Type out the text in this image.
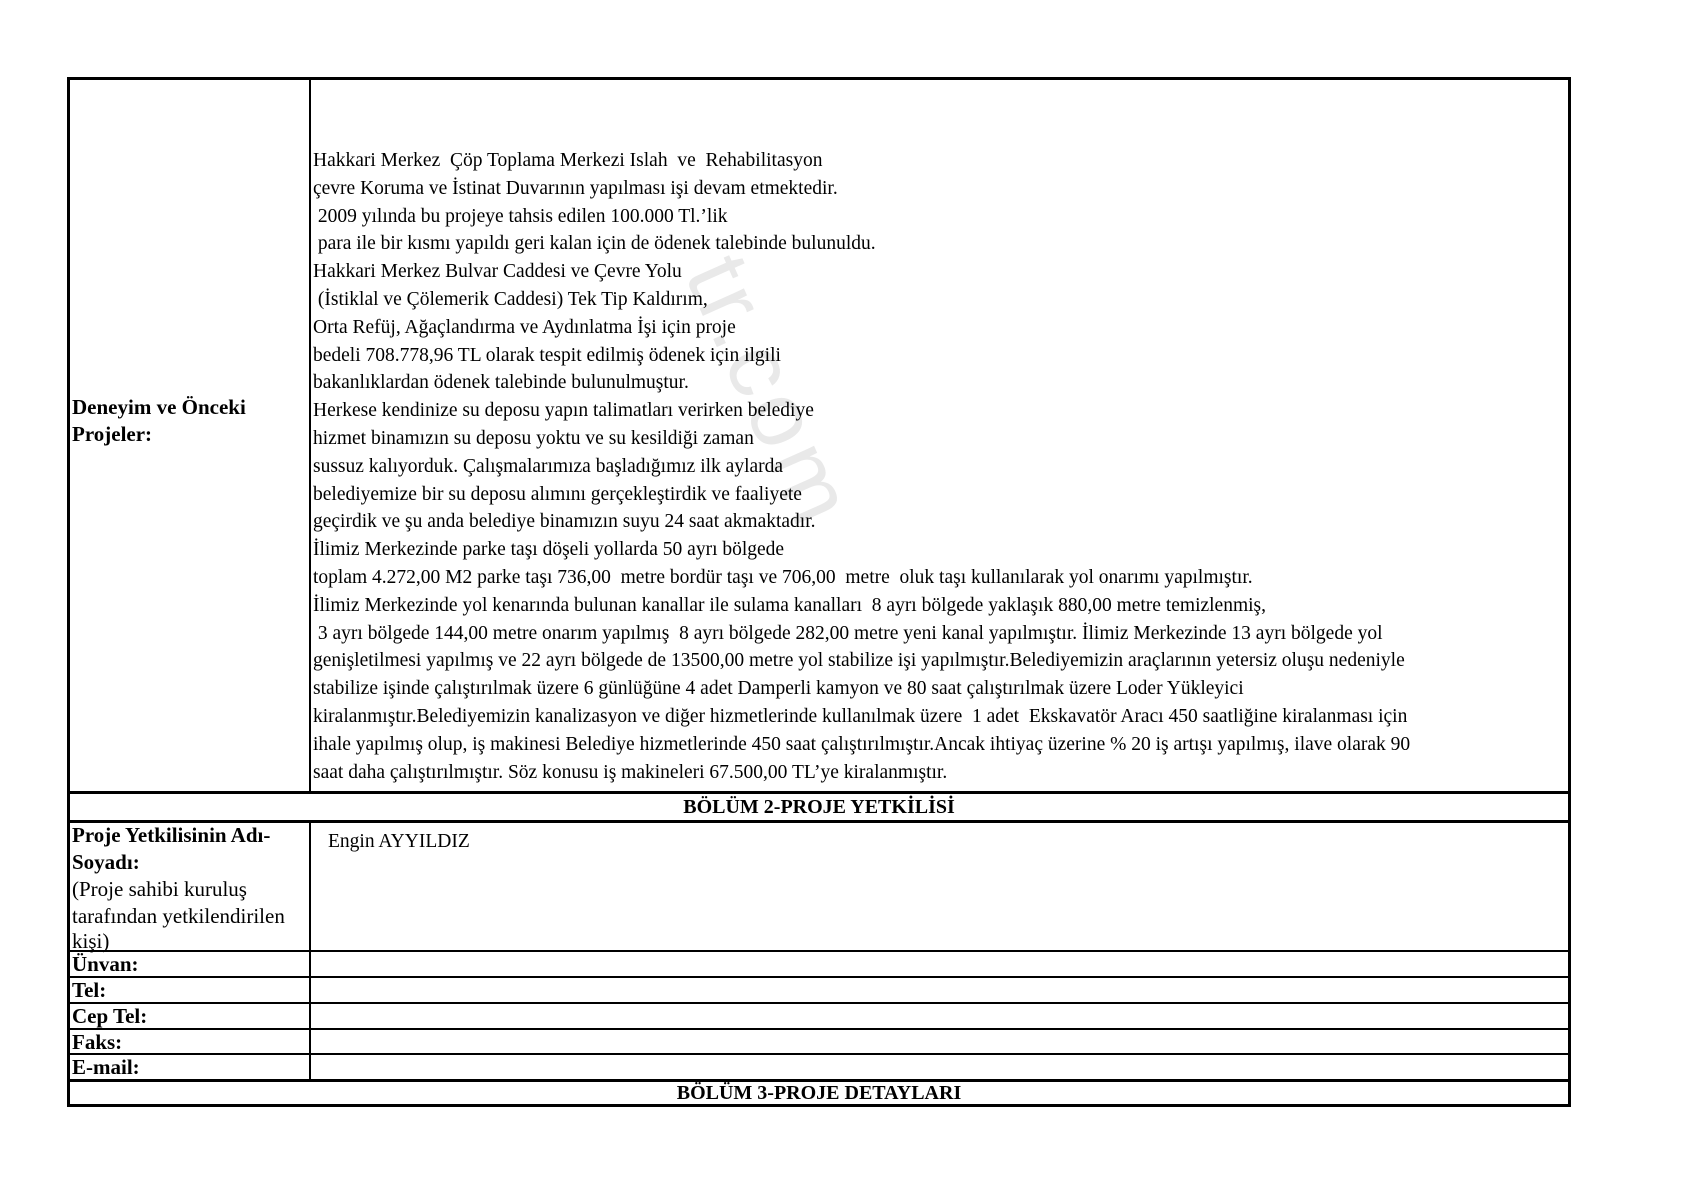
tr.com
Deneyim ve Önceki
Projeler:
Hakkari Merkez  Çöp Toplama Merkezi Islah  ve  Rehabilitasyon
çevre Koruma ve İstinat Duvarının yapılması işi devam etmektedir.
2009 yılında bu projeye tahsis edilen 100.000 Tl.’lik
para ile bir kısmı yapıldı geri kalan için de ödenek talebinde bulunuldu.
Hakkari Merkez Bulvar Caddesi ve Çevre Yolu
(İstiklal ve Çölemerik Caddesi) Tek Tip Kaldırım,
Orta Refüj, Ağaçlandırma ve Aydınlatma İşi için proje
bedeli 708.778,96 TL olarak tespit edilmiş ödenek için ilgili
bakanlıklardan ödenek talebinde bulunulmuştur.
Herkese kendinize su deposu yapın talimatları verirken belediye
hizmet binamızın su deposu yoktu ve su kesildiği zaman
sussuz kalıyorduk. Çalışmalarımıza başladığımız ilk aylarda
belediyemize bir su deposu alımını gerçekleştirdik ve faaliyete
geçirdik ve şu anda belediye binamızın suyu 24 saat akmaktadır.
İlimiz Merkezinde parke taşı döşeli yollarda 50 ayrı bölgede
toplam 4.272,00 M2 parke taşı 736,00  metre bordür taşı ve 706,00  metre  oluk taşı kullanılarak yol onarımı yapılmıştır.
İlimiz Merkezinde yol kenarında bulunan kanallar ile sulama kanalları  8 ayrı bölgede yaklaşık 880,00 metre temizlenmiş,
3 ayrı bölgede 144,00 metre onarım yapılmış  8 ayrı bölgede 282,00 metre yeni kanal yapılmıştır. İlimiz Merkezinde 13 ayrı bölgede yol
genişletilmesi yapılmış ve 22 ayrı bölgede de 13500,00 metre yol stabilize işi yapılmıştır.Belediyemizin araçlarının yetersiz oluşu nedeniyle
stabilize işinde çalıştırılmak üzere 6 günlüğüne 4 adet Damperli kamyon ve 80 saat çalıştırılmak üzere Loder Yükleyici
kiralanmıştır.Belediyemizin kanalizasyon ve diğer hizmetlerinde kullanılmak üzere  1 adet  Ekskavatör Aracı 450 saatliğine kiralanması için
ihale yapılmış olup, iş makinesi Belediye hizmetlerinde 450 saat çalıştırılmıştır.Ancak ihtiyaç üzerine % 20 iş artışı yapılmış, ilave olarak 90
saat daha çalıştırılmıştır. Söz konusu iş makineleri 67.500,00 TL’ye kiralanmıştır.
BÖLÜM 2-PROJE YETKİLİSİ
Proje Yetkilisinin Adı-
Soyadı:
(Proje sahibi kuruluş
tarafından yetkilendirilen
kişi)
Engin AYYILDIZ
Ünvan:
Tel:
Cep Tel:
Faks:
E-mail:
BÖLÜM 3-PROJE DETAYLARI
